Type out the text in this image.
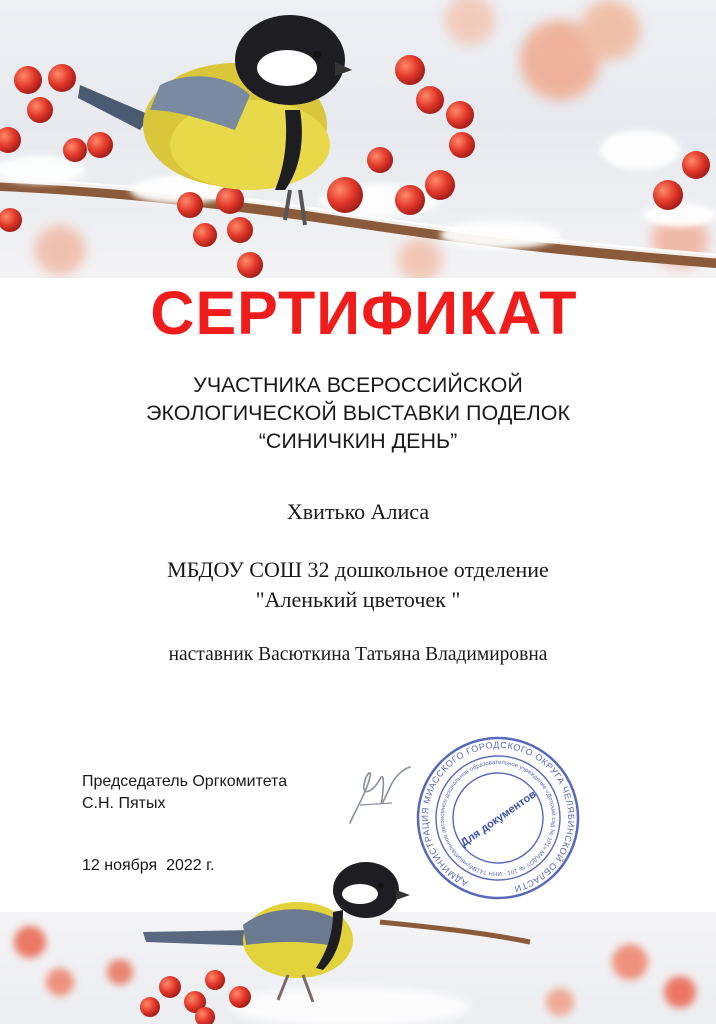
СЕРТИФИКАТ
УЧАСТНИКА ВСЕРОССИЙСКОЙ
ЭКОЛОГИЧЕСКОЙ ВЫСТАВКИ ПОДЕЛОК
“СИНИЧКИН ДЕНЬ”
Хвитько Алиса
МБДОУ СОШ 32 дошкольное отделение
"Аленький цветочек "
наставник Васюткина Татьяна Владимировна
Председатель Оргкомитета
С.Н. Пятых
12 ноября  2022 г.
АДМИНИСТРАЦИЯ МИАССКОГО ГОРОДСКОГО ОКРУГА ЧЕЛЯБИНСКОЙ ОБЛАСТИ
Муниципальное автономное дошкольное образовательное учреждение «Детский сад № 101» МАДОУ № 101 · ИНН 7415037650
Для документов
